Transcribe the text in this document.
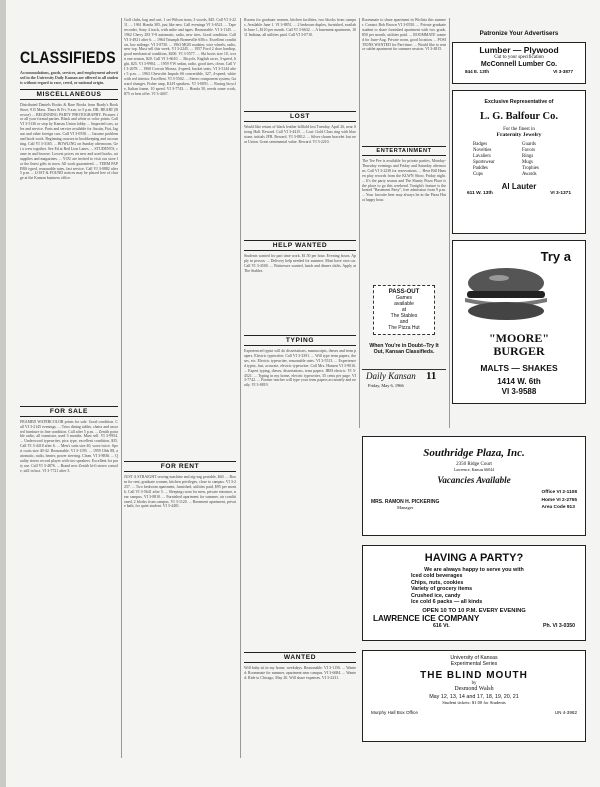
CLASSIFIEDS
Accommodations, goods, services, and employment advertised in the University Daily Kansan are offered to all students without regard to race, creed, or national origin.
MISCELLANEOUS
Distributed Daniels Books & Rare Books from Brady's Book Store, 915 Mass. Thurs & Fri. 9 a.m. to 5 p.m. DR. HEART (Browse) ... BEGINNING PARTY PHOTOGRAPHY. Pictures for all your formal parties. Black and white or color prints. Call VI 3-5136 or stop by Kansas Union lobby. ... Imported cars, sales and service. Parts and service available for Austin, Fiat, Jaguar and other foreign cars. Call VI 3-0550. ... Income problem and book work. Beginning courses in bookkeeping and accounting. Call VI 3-3165. ... BOWLING on Sunday afternoons. Get a crew together. See Ed at Red Lion Lanes. ... STUDENTS, come in and browse. Lowest prices on new and used books, art supplies and magazines. ... YOU are invited to visit our store for the finest gifts in town. All work guaranteed. ... TERM PAPERS typed, reasonable rates, fast service. Call VI 3-0882 after 5 p.m. ... LOST & FOUND notices may be placed free of charge at the Kansan business office.
FOR SALE
FRAMED WATERCOLOR prints for sale. Good condition. Call VI 3-2145 evenings. ... Trios dining tables, chairs and assorted furniture in fine condition. Call after 5 p.m. ... Zenith portable radio, all transistor, used 3 months. Must sell. VI 3-9954. ... Underwood typewriter, pica type, excellent condition, $35. Call VI 3-4418 after 6. ... Men's suits size 40, worn twice. Sport coats size 40-42. Reasonable. VI 3-1195. ... 1959 Olds 88, automatic, radio, heater, power steering. Clean. VI 3-8836. ... Quality stereo record player with two speakers. Excellent for party use. Call VI 3-4876. ... Brand new Zenith hi-fi stereo console, still in box. VI 3-7721 after 5.
Golf clubs, bag and cart, 1 set Wilson irons, 3 woods, $45. Call VI 3-2211. ... 1961 Honda 305, just like new. Call evenings VI 3-6521. ... Tape recorder, Sony 4 track, with mike and tapes. Reasonable. VI 3-1145. ... 1962 Chevy 283 V-8 automatic, radio, new tires. Good condition. Call VI 3-4921 after 6. ... 1964 Triumph Bonneville 650cc. Excellent condition, low mileage. VI 3-8730. ... 1963 MGB roadster, wire wheels, radio, new top. Must sell this week. VI 3-2245. ... 1957 Ford 2 door hardtop, good mechanical condition, $200. VI 3-5577. ... Ski boots size 10, worn one season, $20. Call VI 3-6610. ... Bicycle, English racer, 3-speed, light, $25. VI 3-9984. ... 1959 VW sedan, radio, good tires, clean. Call VI 3-2678. ... 1960 Corvair Monza, 4-speed, bucket seats. VI 3-3144 after 5 p.m. ... 1963 Chevrolet Impala SS convertible, 327, 4-speed, white with red interior. Excellent. VI 3-5502. ... Stereo component system, Garrard changer, Fisher amp, KLH speakers. VI 3-0091. ... Racing bicycle, Italian frame, 10 speed. VI 3-7743. ... Honda 50, needs some work, $75 or best offer. VI 3-4467.
FOR RENT
JUST A STRAIGHT sewing machine and zig-zag portable, $40. ... Room for rent, graduate women, kitchen privileges, close to campus. VI 3-2257. ... Two bedroom apartment, furnished, utilities paid, $95 per month. Call VI 3-5641 after 5. ... Sleeping room for men, private entrance, near campus. VI 3-8810. ... Furnished apartment for summer, air conditioned, 2 blocks from campus. VI 3-1120. ... Basement apartment, private bath, for quiet student. VI 3-4401.
Rooms for graduate women, kitchen facilities, two blocks from campus. Available June 1. VI 3-8851. ... 2 bedroom duplex, furnished, available June 1, $110 per month. Call VI 3-6632. ... A basement apartment, 1011 Indiana, all utilities paid. Call VI 3-0710.
LOST
Would like return of black leather billfold lost Tuesday, April 26, near Strong Hall. Reward. Call VI 3-4415. ... Lost: Gold Class ring with blue stone, initials JFB. Reward. VI 3-8812. ... Silver charm bracelet lost near Union. Great sentimental value. Reward. VI 3-2210.
HELP WANTED
Students wanted for part time work. $1.50 per hour. Evening hours. Apply in person. ... Delivery help needed for summer. Must have own car. Call VI 3-4500. ... Waitresses wanted, lunch and dinner shifts. Apply at The Stables.
TYPING
Experienced typist will do dissertations, manuscripts, theses and term papers. Electric typewriter. Call VI 3-3391. ... Will type term papers, theses, etc. Electric typewriter, reasonable rates. VI 3-5513. ... Experienced typist, fast, accurate, electric typewriter. Call Mrs. Hansen VI 3-9016. ... Expert typing, theses, dissertations, term papers. IBM electric. VI 3-4521. ... Typing in my home, electric typewriter, 35 cents per page. VI 3-7742. ... Former teacher will type your term papers accurately and neatly. VI 3-8819.
WANTED
Will baby sit in my home, weekdays. Reasonable. VI 3-1156. ... Wanted: Roommate for summer, apartment near campus. VI 3-6684. ... Wanted: Ride to Chicago, May 20. Will share expenses. VI 3-2231.
Roommate to share apartment in Wichita this summer. Contact Bob Brown VI 3-0550. ... Private graduate student to share furnished apartment with two grads. $50 per month, utilities paid. ... ROOMMATE wanted for June-Aug. Private room, good location. ... POSITIONS WANTED for Part-time. ... Would like to rent or sublet apartment for summer session. VI 3-4815.
ENTERTAINMENT
The Tee Pee is available for private parties, Monday-Thursday evenings and Friday and Saturday afternoons. Call VI 3-2230 for reservations. ... Hear Bill Hansen play records from the KLWN Show, Friday night. ... It's the party season and The Shanty Pizza Place is the place to go this weekend. Tonight's feature is the hosted "Basement Party", free admission from 9 p.m. ... Your favorite beer may always be in the Pizza Hut at happy hour.
PASS-OUT
Games
available
at
The Stables
and
The Pizza Hut
When You're in Doubt--Try It
Out, Kansan Classifieds.
Daily Kansan 11
Friday, May 6, 1966
Patronize Your Advertisers
Lumber — Plywood
Cut to your specification
McConnell Lumber Co.
844 E. 13th	VI 3-3877
Exclusive Representative of
L. G. Balfour Co.
For the finest in
Fraternity Jewelry
Badges	Guards
Novelties	Favors
Lavaliers	Rings
Sportswear	Mugs
Paddles	Trophies
Cups	Awards
Al Lauter
611 W. 13th	VI 3-1371
Try a
"MOORE"
BURGER
MALTS — SHAKES
1414 W. 6th
VI 3-9588
Southridge Plaza, Inc.
2350 Ridge Court
Lawrence, Kansas 66044
Vacancies Available
MRS. RAMON H. PICKERING
Manager
Office VI 2-1108
Home VI 2-2755
Area Code 913
HAVING A PARTY?
We are always happy to serve you with
Iced cold beverages
Chips, nuts, cookies
Variety of grocery items
Crushed ice, candy
Ice cold 6 packs — all kinds
OPEN 10 TO 10 P.M. EVERY EVENING
LAWRENCE ICE COMPANY
616 Vt.	Ph. VI 3-0350
University of Kansas
Experimental Series
THE BLIND MOUTH
by
Desmond Walsh
May 12, 13, 14 and 17, 18, 19, 20, 21
Student tickets: $1.00 for Students
Murphy Hall Box Office	UN 4-3982
